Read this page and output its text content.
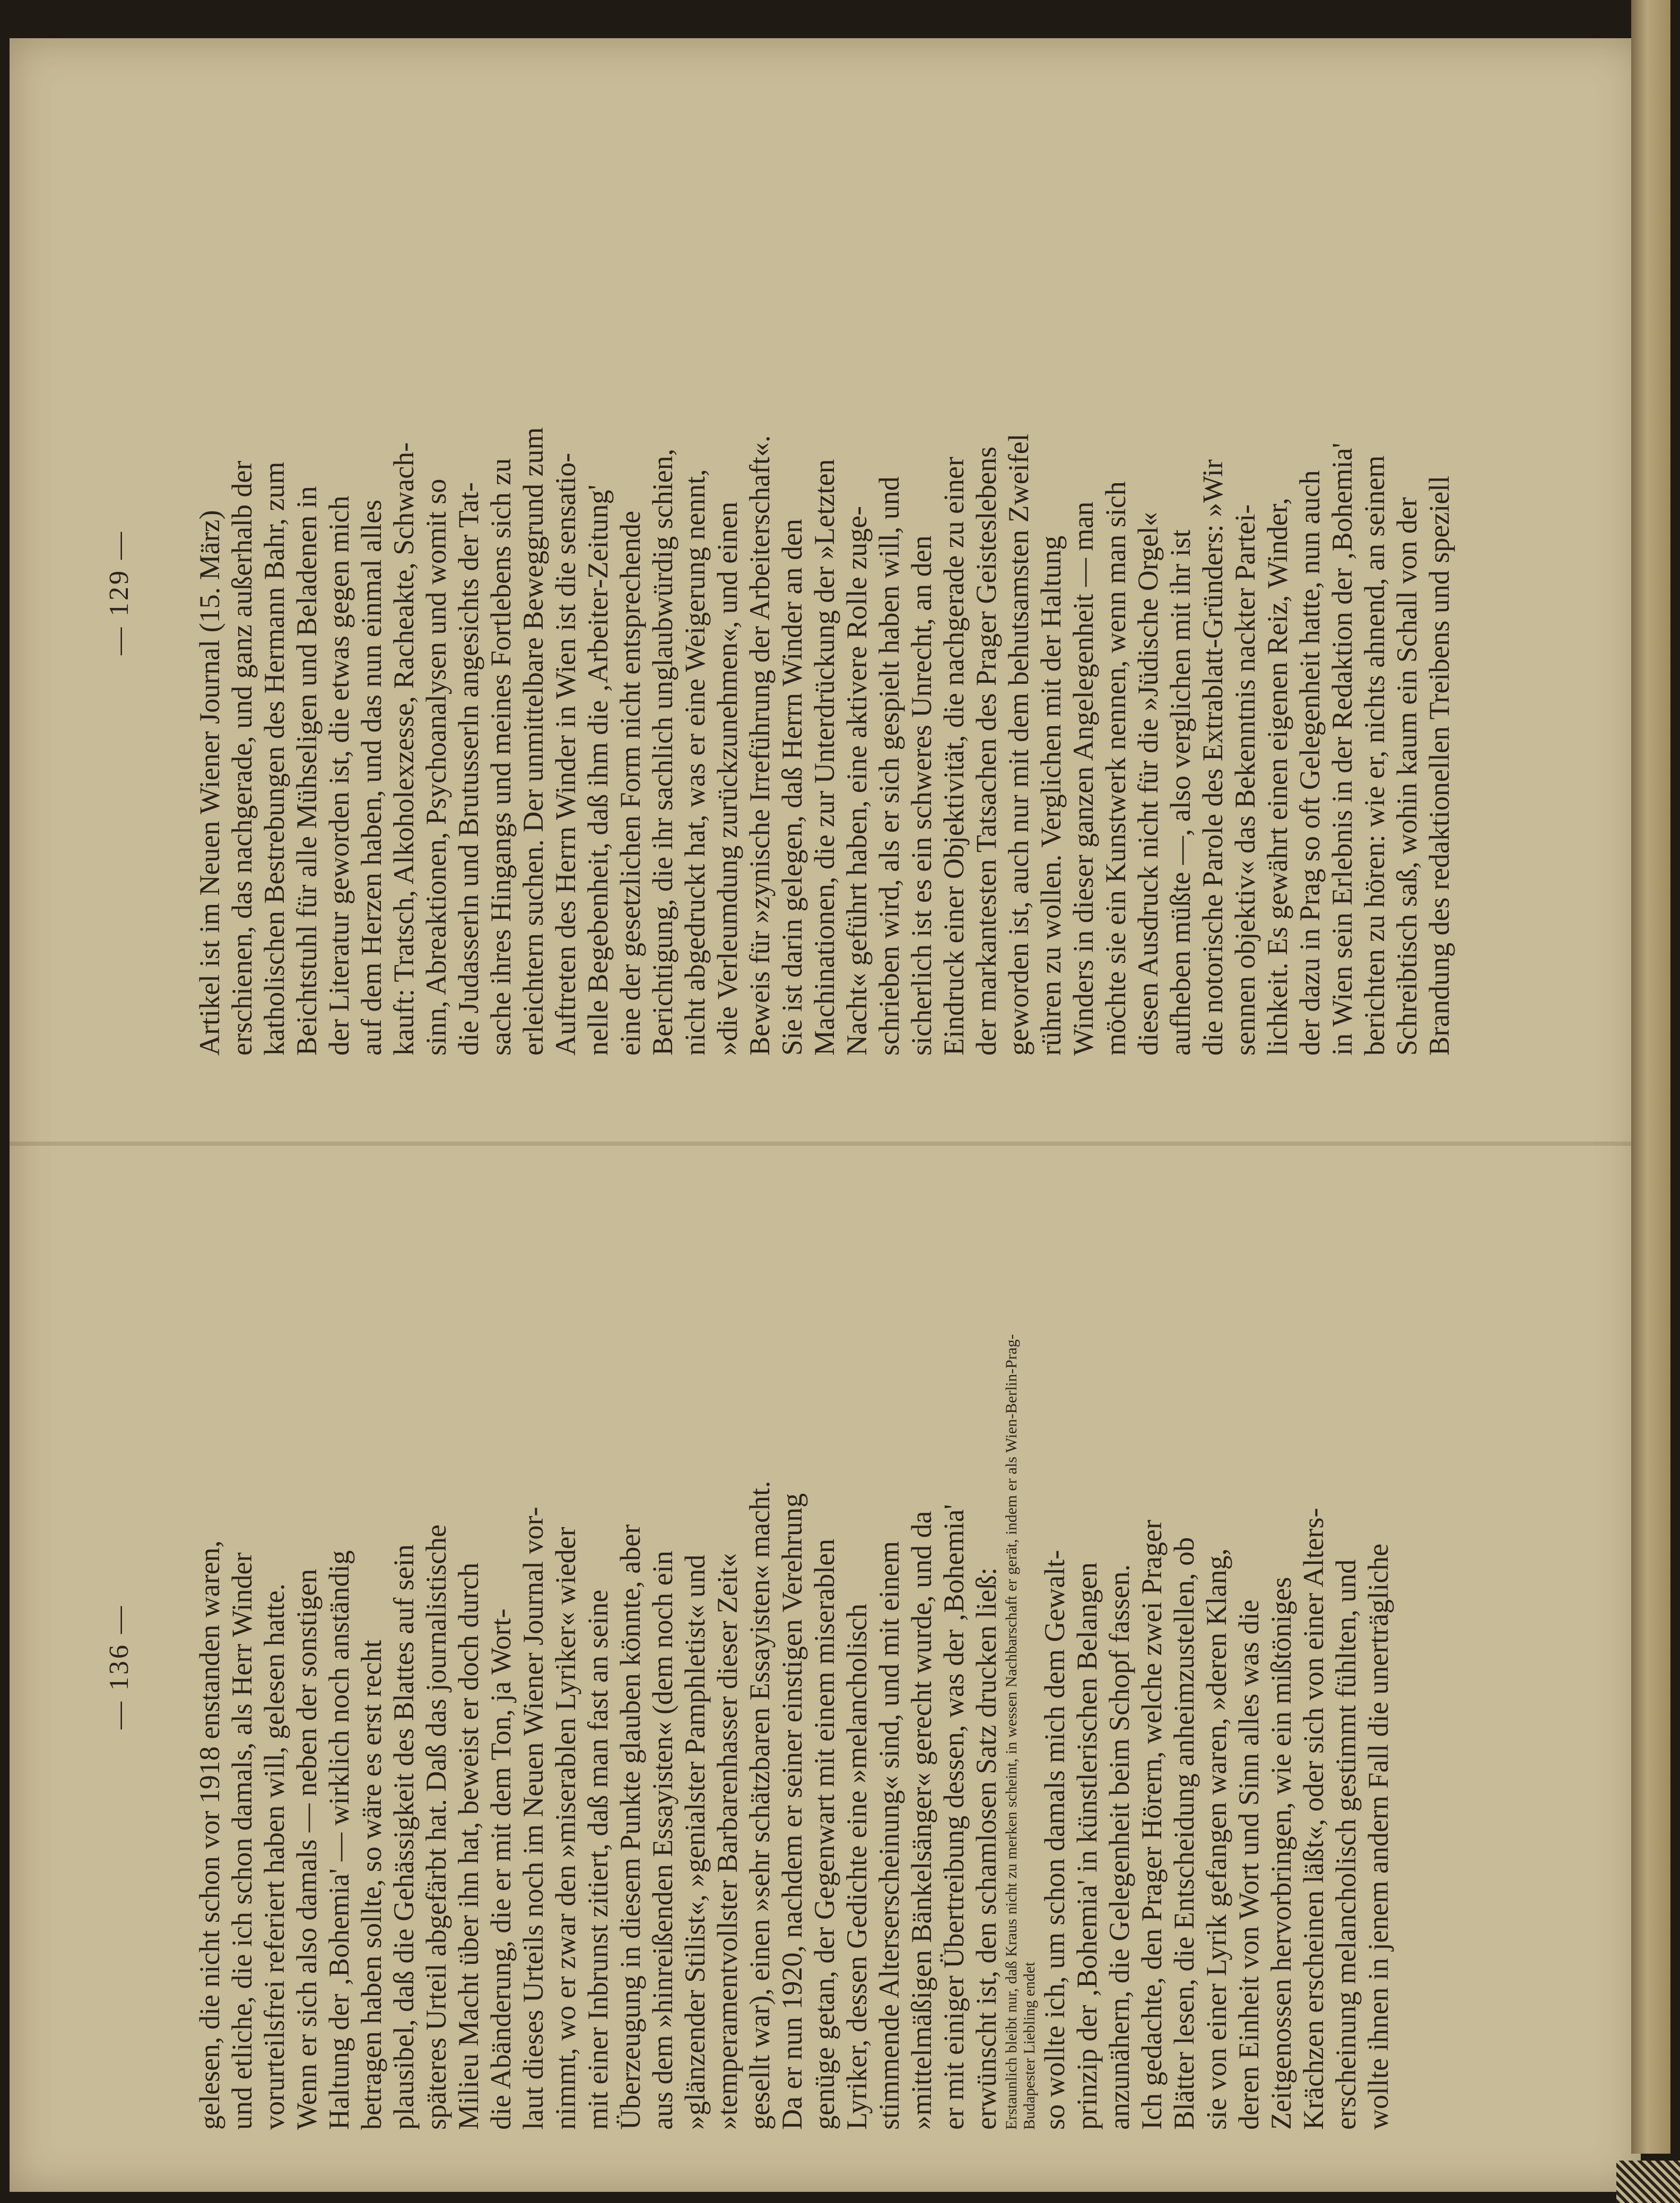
— 129 — Artikel ist im Neuen Wiener Journal (15. März) erschienen, das nachgerade, und ganz außerhalb der katholischen Bestrebungen des Hermann Bahr, zum Beichtstuhl für alle Mühseligen und Beladenen in der Literatur geworden ist, die etwas gegen mich auf dem Herzen haben, und das nun einmal alles kauft: Tratsch, Alkoholexzesse, Racheakte, Schwach- sinn, Abreaktionen, Psychoanalysen und womit so die Judasserln und Brutusserln angesichts der Tat- sache ihres Hingangs und meines Fortlebens sich zu erleichtern suchen. Der unmittelbare Beweggrund zum Auftreten des Herrn Winder in Wien ist die sensatio- nelle Begebenheit, daß ihm die ‚Arbeiter-Zeitung' eine der gesetzlichen Form nicht entsprechende Berichtigung, die ihr sachlich unglaubwürdig schien, nicht abgedruckt hat, was er eine Weigerung nennt, »die Verleumdung zurückzunehmen«, und einen Beweis für »zynische Irreführung der Arbeiterschaft«. Sie ist darin gelegen, daß Herrn Winder an den Machinationen, die zur Unterdrückung der »Letzten Nacht« geführt haben, eine aktivere Rolle zuge- schrieben wird, als er sich gespielt haben will, und sicherlich ist es ein schweres Unrecht, an den Eindruck einer Objektivität, die nachgerade zu einer der markantesten Tatsachen des Prager Geisteslebens geworden ist, auch nur mit dem behutsamsten Zweifel rühren zu wollen. Verglichen mit der Haltung Winders in dieser ganzen Angelegenheit — man möchte sie ein Kunstwerk nennen, wenn man sich diesen Ausdruck nicht für die »Jüdische Orgel« aufheben müßte —, also verglichen mit ihr ist die notorische Parole des Extrablatt-Gründers: »Wir sennen objektiv« das Bekenntnis nackter Partei- lichkeit. Es gewährt einen eigenen Reiz, Winder, der dazu in Prag so oft Gelegenheit hatte, nun auch in Wien sein Erlebnis in der Redaktion der ‚Bohemia' berichten zu hören: wie er, nichts ahnend, an seinem Schreibtisch saß, wohin kaum ein Schall von der Brandung des redaktionellen Treibens und speziell

— 136 — gelesen, die nicht schon vor 1918 enstanden waren, und etliche, die ich schon damals, als Herr Winder vorurteilsfrei referiert haben will, gelesen hatte. Wenn er sich also damals — neben der sonstigen Haltung der ‚Bohemia' — wirklich noch anständig betragen haben sollte, so wäre es erst recht plausibel, daß die Gehässigkeit des Blattes auf sein späteres Urteil abgefärbt hat. Daß das journalistische Milieu Macht über ihn hat, beweist er doch durch die Abänderung, die er mit dem Ton, ja Wort- laut dieses Urteils noch im Neuen Wiener Journal vor- nimmt, wo er zwar den »miserablen Lyriker« wieder mit einer Inbrunst zitiert, daß man fast an seine Überzeugung in diesem Punkte glauben könnte, aber aus dem »hinreißenden Essayisten« (dem noch ein »glänzender Stilist«, »genialster Pamphletist« und »temperamentvollster Barbarenhasser dieser Zeit« gesellt war), einen »sehr schätzbaren Essayisten« macht. Da er nun 1920, nachdem er seiner einstigen Verehrung genüge getan, der Gegenwart mit einem miserablen Lyriker, dessen Gedichte eine »melancholisch stimmende Alterserscheinung« sind, und mit einem »mittelmäßigen Bänkelsänger« gerecht wurde, und da er mit einiger Übertreibung dessen, was der ‚Bohemia' erwünscht ist, den schamlosen Satz drucken ließ: Erstaunlich bleibt nur, daß Kraus nicht zu merken scheint, in wessen Nachbarschaft er gerät, indem er als Wien-Berlin-Prag-Budapester Liebling endet so wollte ich, um schon damals mich dem Gewalt- prinzip der ‚Bohemia' in künstlerischen Belangen anzunähern, die Gelegenheit beim Schopf fassen. Ich gedachte, den Prager Hörern, welche zwei Prager Blätter lesen, die Entscheidung anheimzustellen, ob sie von einer Lyrik gefangen waren, »deren Klang, deren Einheit von Wort und Sinn alles was die Zeitgenossen hervorbringen, wie ein mißtöniges Krächzen erscheinen läßt«, oder sich von einer Alters- erscheinung melancholisch gestimmt fühlten, und wollte ihnen in jenem andern Fall die unerträgliche
